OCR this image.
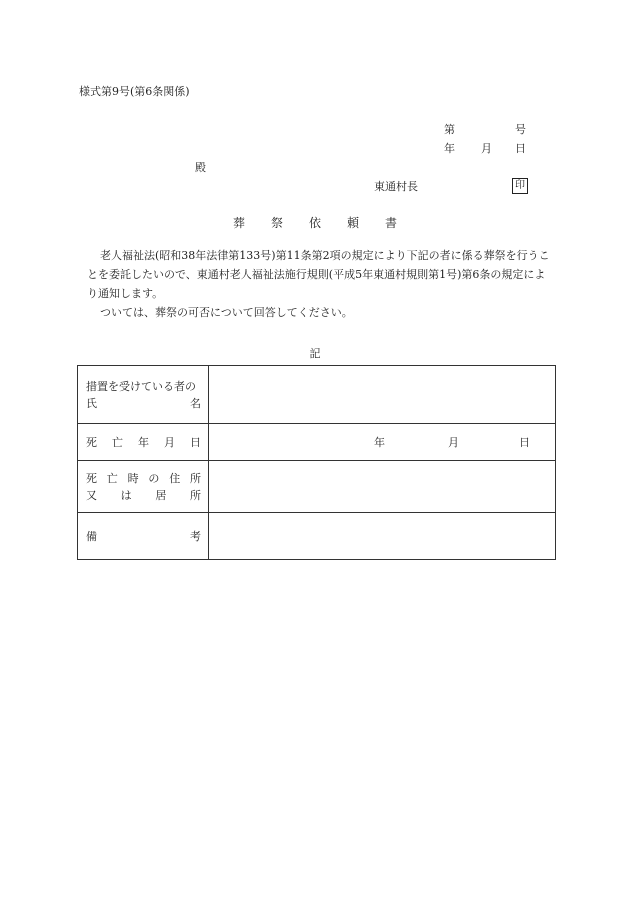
様式第9号(第6条関係)
第	号
年 月 日
殿
東通村長	印
葬祭依頼書

老人福祉法(昭和38年法律第133号)第11条第2項の規定により下記の者に係る葬祭を行うことを委託したいので、東通村老人福祉法施行規則(平成5年東通村規則第1号)第6条の規定により通知します。

ついては、葬祭の可否について回答してください。

記
措置を受けている者の
氏名	

死亡年月日	年 月 日

死亡時の住所
又は居所	

備考	
